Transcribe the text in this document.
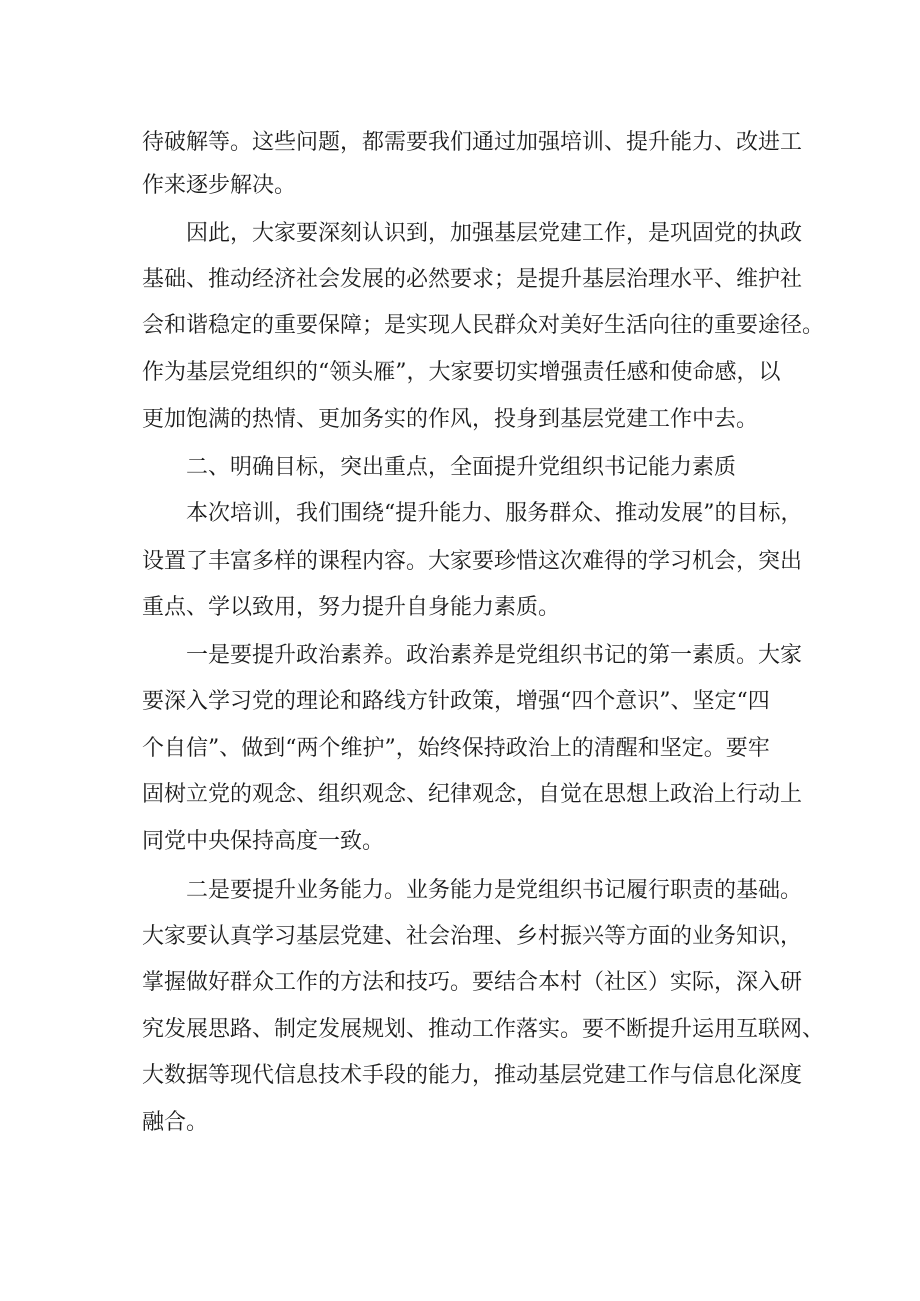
待破解等。这些问题，都需要我们通过加强培训、提升能力、改进工

作来逐步解决。

因此，大家要深刻认识到，加强基层党建工作，是巩固党的执政

基础、推动经济社会发展的必然要求；是提升基层治理水平、维护社

会和谐稳定的重要保障；是实现人民群众对美好生活向往的重要途径。

作为基层党组织的“领头雁”，大家要切实增强责任感和使命感，以

更加饱满的热情、更加务实的作风，投身到基层党建工作中去。

二、明确目标，突出重点，全面提升党组织书记能力素质

本次培训，我们围绕“提升能力、服务群众、推动发展”的目标，

设置了丰富多样的课程内容。大家要珍惜这次难得的学习机会，突出

重点、学以致用，努力提升自身能力素质。

一是要提升政治素养。政治素养是党组织书记的第一素质。大家

要深入学习党的理论和路线方针政策，增强“四个意识”、坚定“四

个自信”、做到“两个维护”，始终保持政治上的清醒和坚定。要牢

固树立党的观念、组织观念、纪律观念，自觉在思想上政治上行动上

同党中央保持高度一致。

二是要提升业务能力。业务能力是党组织书记履行职责的基础。

大家要认真学习基层党建、社会治理、乡村振兴等方面的业务知识，

掌握做好群众工作的方法和技巧。要结合本村（社区）实际，深入研

究发展思路、制定发展规划、推动工作落实。要不断提升运用互联网、

大数据等现代信息技术手段的能力，推动基层党建工作与信息化深度

融合。
